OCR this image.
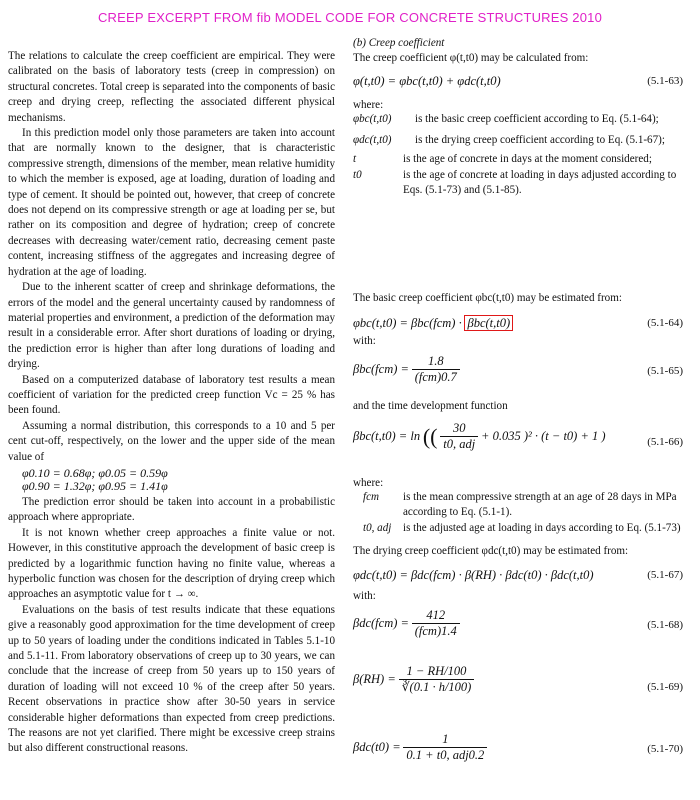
CREEP EXCERPT FROM fib MODEL CODE FOR CONCRETE STRUCTURES 2010

The relations to calculate the creep coefficient are empirical. They were calibrated on the basis of laboratory tests (creep in compression) on structural concretes. Total creep is separated into the components of basic creep and drying creep, reflecting the associated different physical mechanisms.

In this prediction model only those parameters are taken into account that are normally known to the designer, that is characteristic compressive strength, dimensions of the member, mean relative humidity to which the member is exposed, age at loading, duration of loading and type of cement. It should be pointed out, however, that creep of concrete does not depend on its compressive strength or age at loading per se, but rather on its composition and degree of hydration; creep of concrete decreases with decreasing water/cement ratio, decreasing cement paste content, increasing stiffness of the aggregates and increasing degree of hydration at the age of loading.

Due to the inherent scatter of creep and shrinkage deformations, the errors of the model and the general uncertainty caused by randomness of material properties and environment, a prediction of the deformation may result in a considerable error. After short durations of loading or drying, the prediction error is higher than after long durations of loading and drying.

Based on a computerized database of laboratory test results a mean coefficient of variation for the predicted creep function Vc = 25 % has been found.

Assuming a normal distribution, this corresponds to a 10 and 5 per cent cut-off, respectively, on the lower and the upper side of the mean value of

φ0.10 = 0.68φ; φ0.05 = 0.59φ

φ0.90 = 1.32φ; φ0.95 = 1.41φ

The prediction error should be taken into account in a probabilistic approach where appropriate.

It is not known whether creep approaches a finite value or not. However, in this constitutive approach the development of basic creep is predicted by a logarithmic function having no finite value, whereas a hyperbolic function was chosen for the description of drying creep which approaches an asymptotic value for t → ∞.

Evaluations on the basis of test results indicate that these equations give a reasonably good approximation for the time development of creep up to 50 years of loading under the conditions indicated in Tables 5.1-10 and 5.1-11. From laboratory observations of creep up to 30 years, we can conclude that the increase of creep from 50 years up to 150 years of duration of loading will not exceed 10 % of the creep after 50 years. Recent observations in practice show after 30-50 years in service considerable higher deformations than expected from creep predictions. The reasons are not yet clarified. There might be excessive creep strains but also different constructional reasons.

(b) Creep coefficient
The creep coefficient φ(t,t0) may be calculated from:
φ(t,t0) = φbc(t,t0) + φdc(t,t0)	(5.1-63)
where:
φbc(t,t0)	is the basic creep coefficient according to Eq. (5.1-64);
φdc(t,t0)	is the drying creep coefficient according to Eq. (5.1-67);
t	is the age of concrete in days at the moment considered;
t0	is the age of concrete at loading in days adjusted according to Eqs. (5.1-73) and (5.1-85).
The basic creep coefficient φbc(t,t0) may be estimated from:
φbc(t,t0) = βbc(fcm) · βbc(t,t0)	(5.1-64)
with:
$\beta bc(fcm) = \frac{1.8}{\text{(fcm)0.7}}$	(5.1-65)
and the time development function
βbc(t,t0) = ln (( $\frac{30}{\text{t0, adj}} + 0.035$ )² · (t − t0) + 1 )	(5.1-66)
where:
fcm	is the mean compressive strength at an age of 28 days in MPa according to Eq. (5.1-1).
t0, adj	is the adjusted age at loading in days according to Eq. (5.1-73)
The drying creep coefficient φdc(t,t0) may be estimated from:
φdc(t,t0) = βdc(fcm) · β(RH) · βdc(t0) · βdc(t,t0)	(5.1-67)
with:
$\beta dc(fcm) = \frac{412}{\text{(fcm)1.4}}$	(5.1-68)
$\beta(RH) = \frac{1 - RH/100}{∛(0.1 \cdot h/100)}$	(5.1-69)
$\beta dc(t0) = \frac{1}{\text{0.1 + t0, adj0.2}}$	(5.1-70)
